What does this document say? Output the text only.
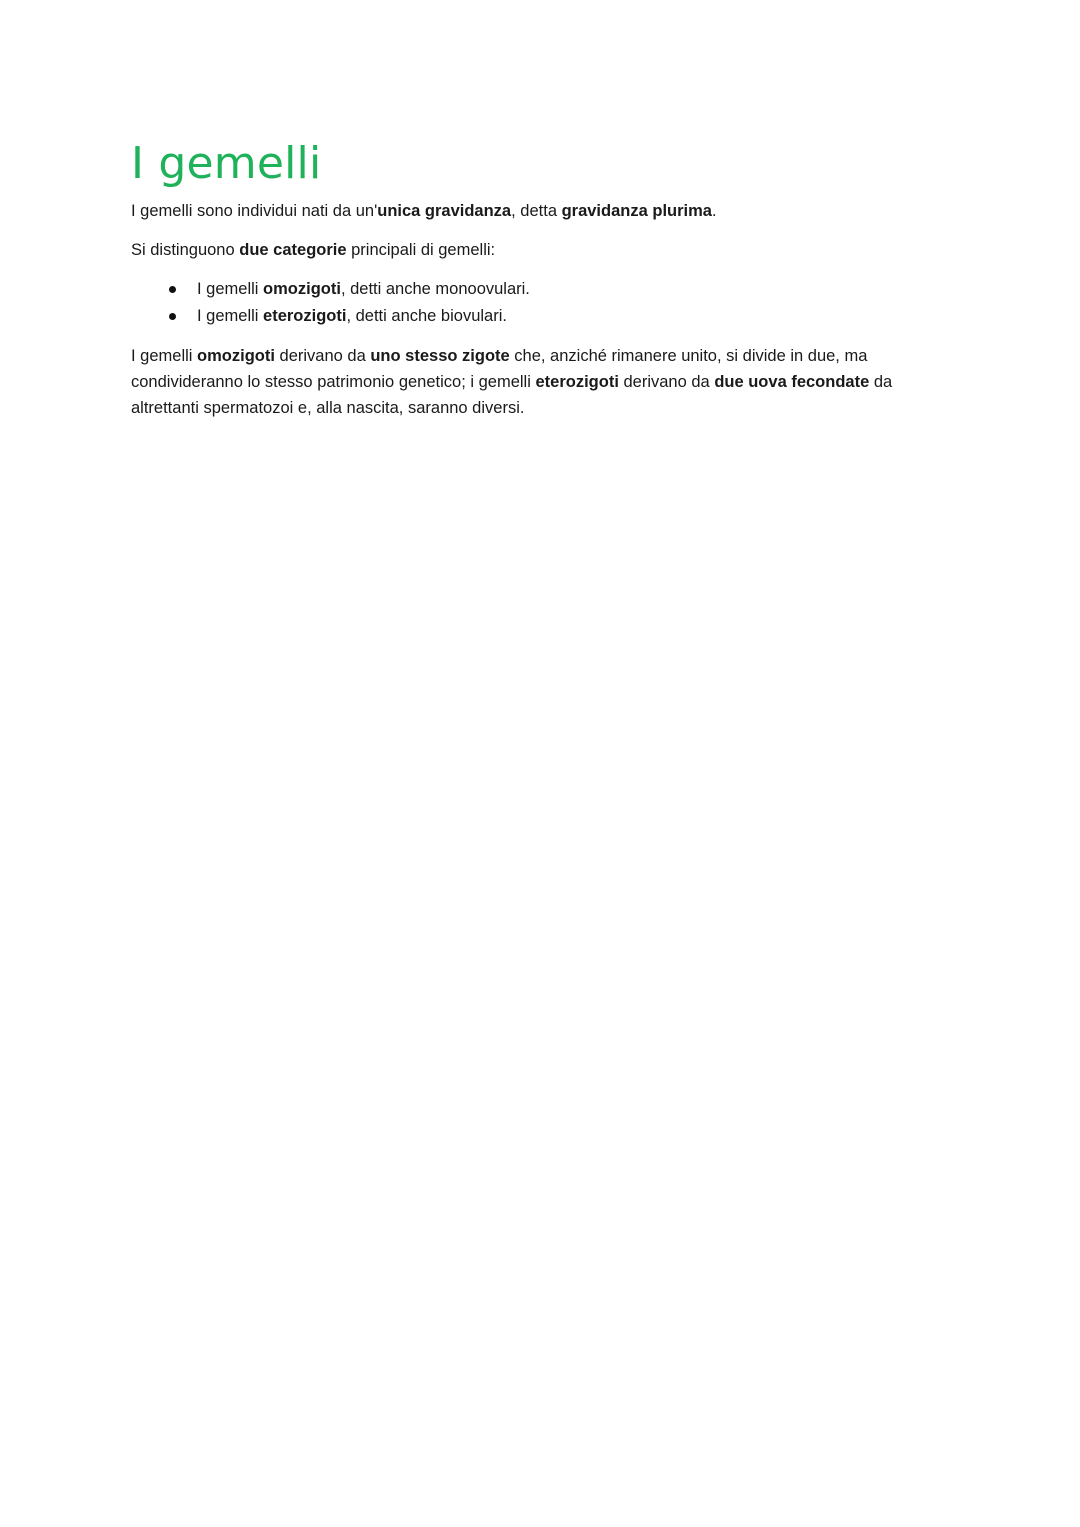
I gemelli

I gemelli sono individui nati da un'unica gravidanza, detta gravidanza plurima.

Si distinguono due categorie principali di gemelli:

I gemelli omozigoti, detti anche monoovulari.
I gemelli eterozigoti, detti anche biovulari.

I gemelli omozigoti derivano da uno stesso zigote che, anziché rimanere unito, si divide in due, ma condivideranno lo stesso patrimonio genetico; i gemelli eterozigoti derivano da due uova fecondate da altrettanti spermatozoi e, alla nascita, saranno diversi.
